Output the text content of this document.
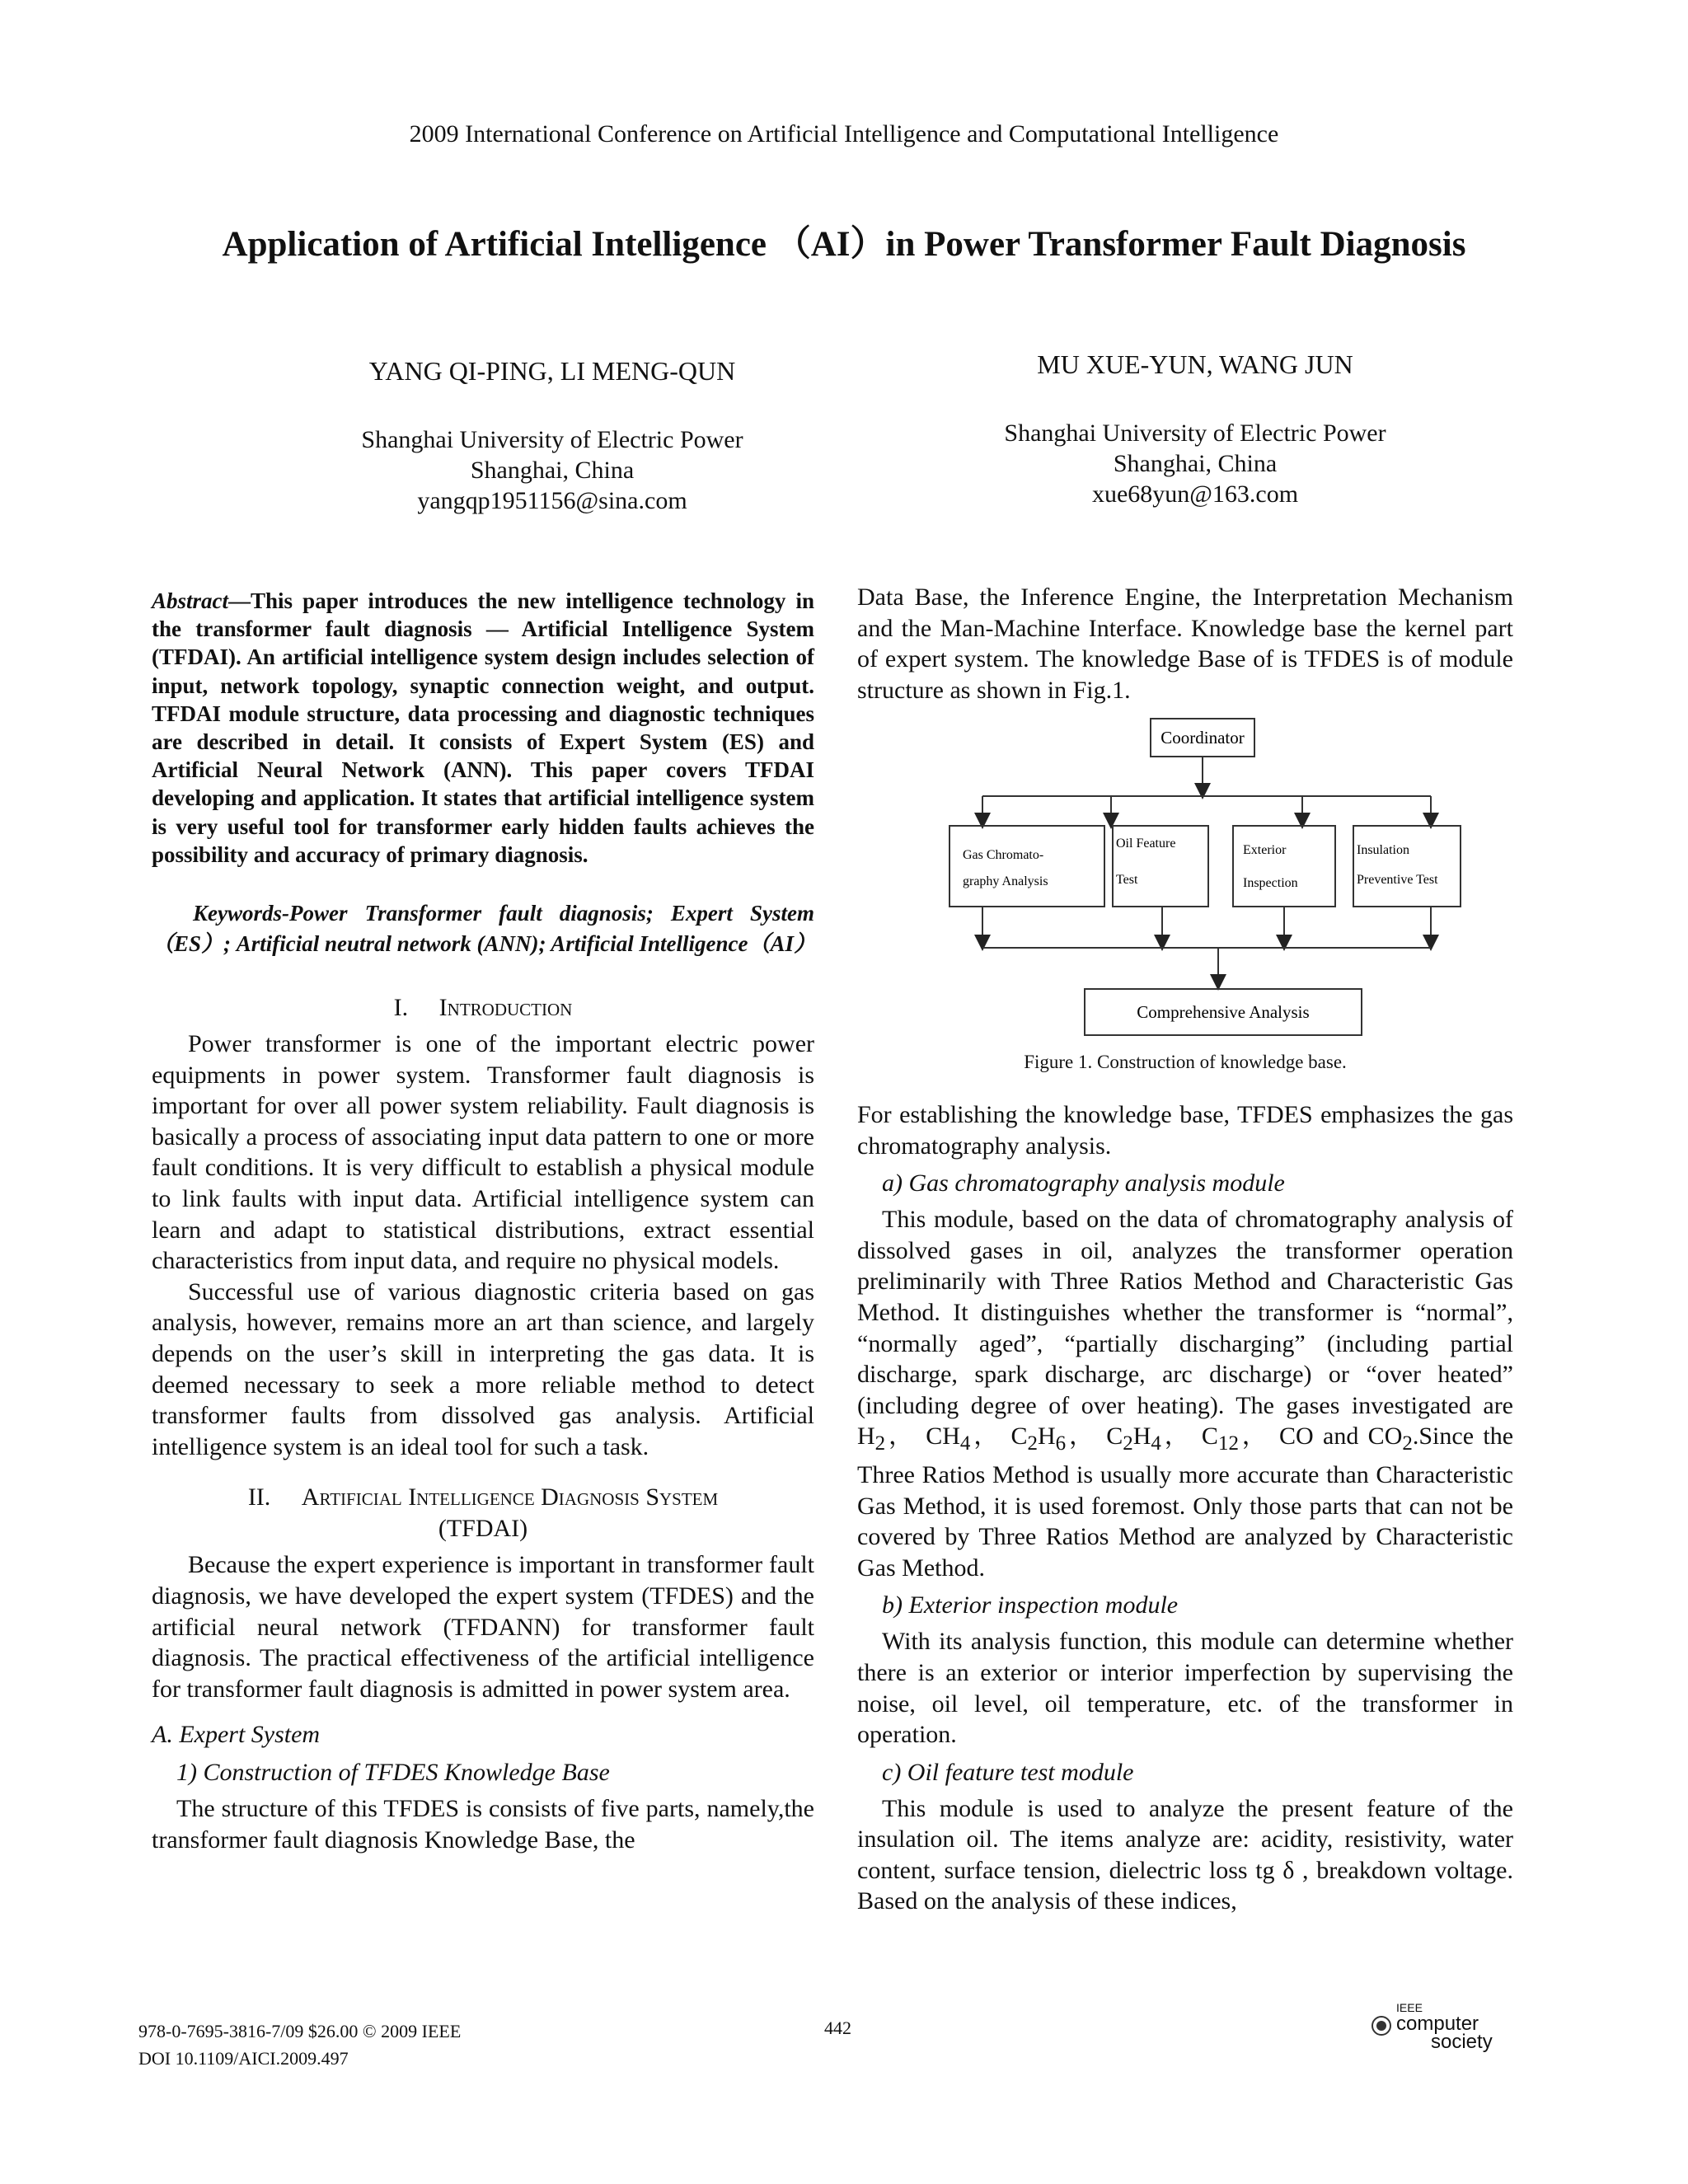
2009 International Conference on Artificial Intelligence and Computational Intelligence
Application of Artificial Intelligence （AI）in Power Transformer Fault Diagnosis
YANG QI-PING, LI MENG-QUN
Shanghai University of Electric Power
Shanghai, China
yangqp1951156@sina.com
MU XUE-YUN, WANG JUN
Shanghai University of Electric Power
Shanghai, China
xue68yun@163.com

Abstract—This paper introduces the new intelligence technology in the transformer fault diagnosis — Artificial Intelligence System (TFDAI). An artificial intelligence system design includes selection of input, network topology, synaptic connection weight, and output. TFDAI module structure, data processing and diagnostic techniques are described in detail. It consists of Expert System (ES) and Artificial Neural Network (ANN). This paper covers TFDAI developing and application. It states that artificial intelligence system is very useful tool for transformer early hidden faults achieves the possibility and accuracy of primary diagnosis.

Keywords-Power Transformer fault diagnosis; Expert System（ES）; Artificial neutral network (ANN); Artificial Intelligence（AI）

I. Introduction

Power transformer is one of the important electric power equipments in power system. Transformer fault diagnosis is important for over all power system reliability. Fault diagnosis is basically a process of associating input data pattern to one or more fault conditions. It is very difficult to establish a physical module to link faults with input data. Artificial intelligence system can learn and adapt to statistical distributions, extract essential characteristics from input data, and require no physical models.

Successful use of various diagnostic criteria based on gas analysis, however, remains more an art than science, and largely depends on the user’s skill in interpreting the gas data. It is deemed necessary to seek a more reliable method to detect transformer faults from dissolved gas analysis. Artificial intelligence system is an ideal tool for such a task.

II. Artificial Intelligence Diagnosis System
(TFDAI)

Because the expert experience is important in transformer fault diagnosis, we have developed the expert system (TFDES) and the artificial neural network (TFDANN) for transformer fault diagnosis. The practical effectiveness of the artificial intelligence for transformer fault diagnosis is admitted in power system area.

A. Expert System
1) Construction of TFDES Knowledge Base

The structure of this TFDES is consists of five parts, namely,the transformer fault diagnosis Knowledge Base, the

Data Base, the Inference Engine, the Interpretation Mechanism and the Man-Machine Interface. Knowledge base the kernel part of expert system. The knowledge Base of is TFDES is of module structure as shown in Fig.1.

Coordinator
Gas Chromato-
graphy Analysis
Oil Feature
Test
Exterior
Inspection
Insulation
Preventive Test
Comprehensive Analysis
Figure 1. Construction of knowledge base.

For establishing the knowledge base, TFDES emphasizes the gas chromatography analysis.

a) Gas chromatography analysis module

This module, based on the data of chromatography analysis of dissolved gases in oil, analyzes the transformer operation preliminarily with Three Ratios Method and Characteristic Gas Method. It distinguishes whether the transformer is “normal”, “normally aged”, “partially discharging” (including partial discharge, spark discharge, arc discharge) or “over heated” (including degree of over heating). The gases investigated are $H_2$， $CH_4$， $C_2H_6$， $C_2H_4$， $C_{12}$， CO and $CO_2.Since$ the Three Ratios Method is usually more accurate than Characteristic Gas Method, it is used foremost. Only those parts that can not be covered by Three Ratios Method are analyzed by Characteristic Gas Method.

b) Exterior inspection module

With its analysis function, this module can determine whether there is an exterior or interior imperfection by supervising the noise, oil level, oil temperature, etc. of the transformer in operation.

c) Oil feature test module

This module is used to analyze the present feature of the insulation oil. The items analyze are: acidity, resistivity, water content, surface tension, dielectric loss tg δ , breakdown voltage. Based on the analysis of these indices,

978-0-7695-3816-7/09 $26.00 © 2009 IEEE
DOI 10.1109/AICI.2009.497
442
IEEE
computer
society
